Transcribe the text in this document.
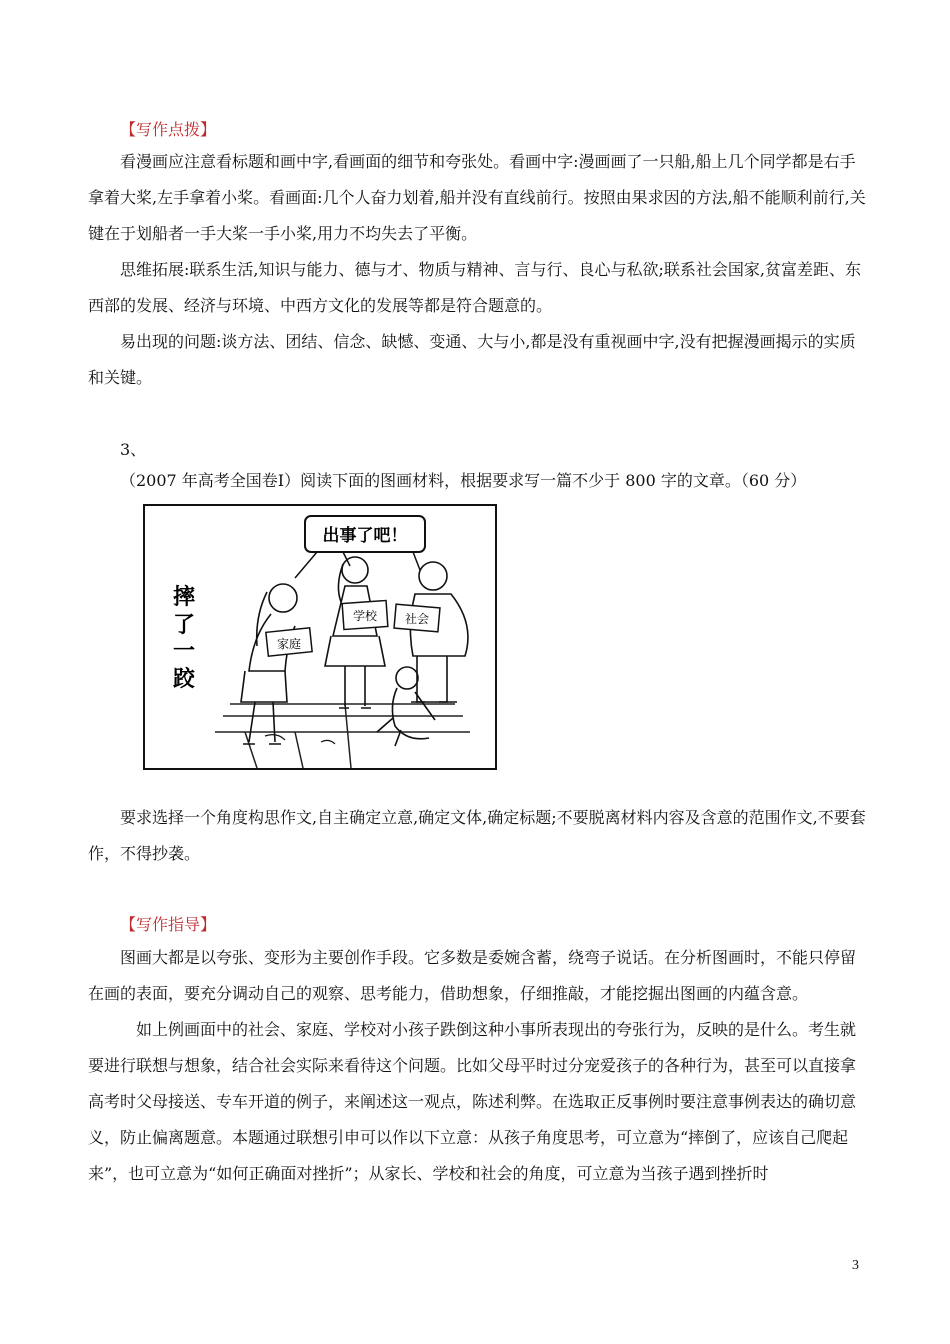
【写作点拨】

看漫画应注意看标题和画中字,看画面的细节和夸张处。看画中字:漫画画了一只船,船上几个同学都是右手拿着大桨,左手拿着小桨。看画面:几个人奋力划着,船并没有直线前行。按照由果求因的方法,船不能顺利前行,关键在于划船者一手大桨一手小桨,用力不均失去了平衡。

思维拓展:联系生活,知识与能力、德与才、物质与精神、言与行、良心与私欲;联系社会国家,贫富差距、东西部的发展、经济与环境、中西方文化的发展等都是符合题意的。

易出现的问题:谈方法、团结、信念、缺憾、变通、大与小,都是没有重视画中字,没有把握漫画揭示的实质和关键。

3、

（2007 年高考全国卷Ⅰ）阅读下面的图画材料，根据要求写一篇不少于 800 字的文章。（60 分）

摔
了
一
跤
出事了吧！
家庭
学校 社会

要求选择一个角度构思作文,自主确定立意,确定文体,确定标题;不要脱离材料内容及含意的范围作文,不要套作，不得抄袭。

【写作指导】

图画大都是以夸张、变形为主要创作手段。它多数是委婉含蓄，绕弯子说话。在分析图画时，不能只停留在画的表面，要充分调动自己的观察、思考能力，借助想象，仔细推敲，才能挖掘出图画的内蕴含意。

如上例画面中的社会、家庭、学校对小孩子跌倒这种小事所表现出的夸张行为，反映的是什么。考生就要进行联想与想象，结合社会实际来看待这个问题。比如父母平时过分宠爱孩子的各种行为，甚至可以直接拿高考时父母接送、专车开道的例子，来阐述这一观点，陈述利弊。在选取正反事例时要注意事例表达的确切意义，防止偏离题意。本题通过联想引申可以作以下立意：从孩子角度思考，可立意为“摔倒了，应该自己爬起来”，也可立意为“如何正确面对挫折”；从家长、学校和社会的角度，可立意为当孩子遇到挫折时

3
